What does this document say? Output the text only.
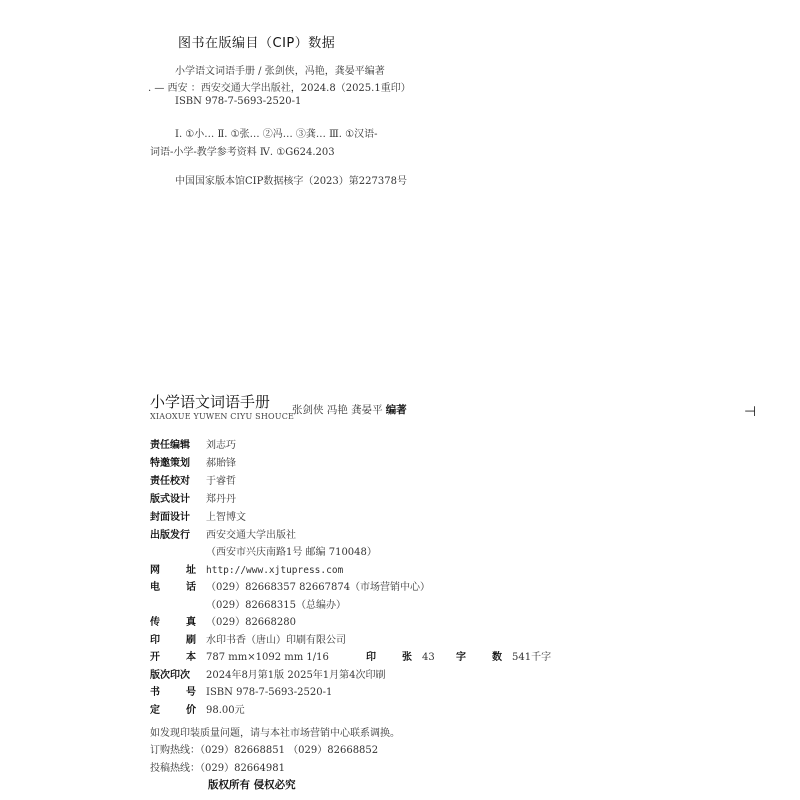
图书在版编目（CIP）数据
小学语文词语手册 / 张剑侠，冯艳，龚晏平编著
. — 西安 ：西安交通大学出版社，2024.8（2025.1重印）
ISBN 978-7-5693-2520-1
Ⅰ. ①小… Ⅱ. ①张… ②冯… ③龚… Ⅲ. ①汉语-
词语-小学-教学参考资料 Ⅳ. ①G624.203
中国国家版本馆CIP数据核字（2023）第227378号
小学语文词语手册
XIAOXUE YUWEN CIYU SHOUCE
张剑侠 冯艳 龚晏平 编著	⊣
责任编辑 刘志巧
特邀策划 郝貽锋
责任校对 于睿哲
版式设计 郑丹丹
封面设计 上智博文
出版发行 西安交通大学出版社
（西安市兴庆南路1号 邮编 710048）
网 址 http://www.xjtupress.com
电 话 （029）82668357 82667874（市场营销中心）
（029）82668315（总编办）
传 真 （029）82668280
印 刷 水印书香（唐山）印刷有限公司
开 本 787 mm×1092 mm 1/16	印 张 43 字 数 541千字
版次印次 2024年8月第1版 2025年1月第4次印刷
书 号 ISBN 978-7-5693-2520-1
定 价 98.00元
如发现印装质量问题，请与本社市场营销中心联系调换。
订购热线：（029）82668851 （029）82668852
投稿热线：（029）82664981
版权所有 侵权必究
